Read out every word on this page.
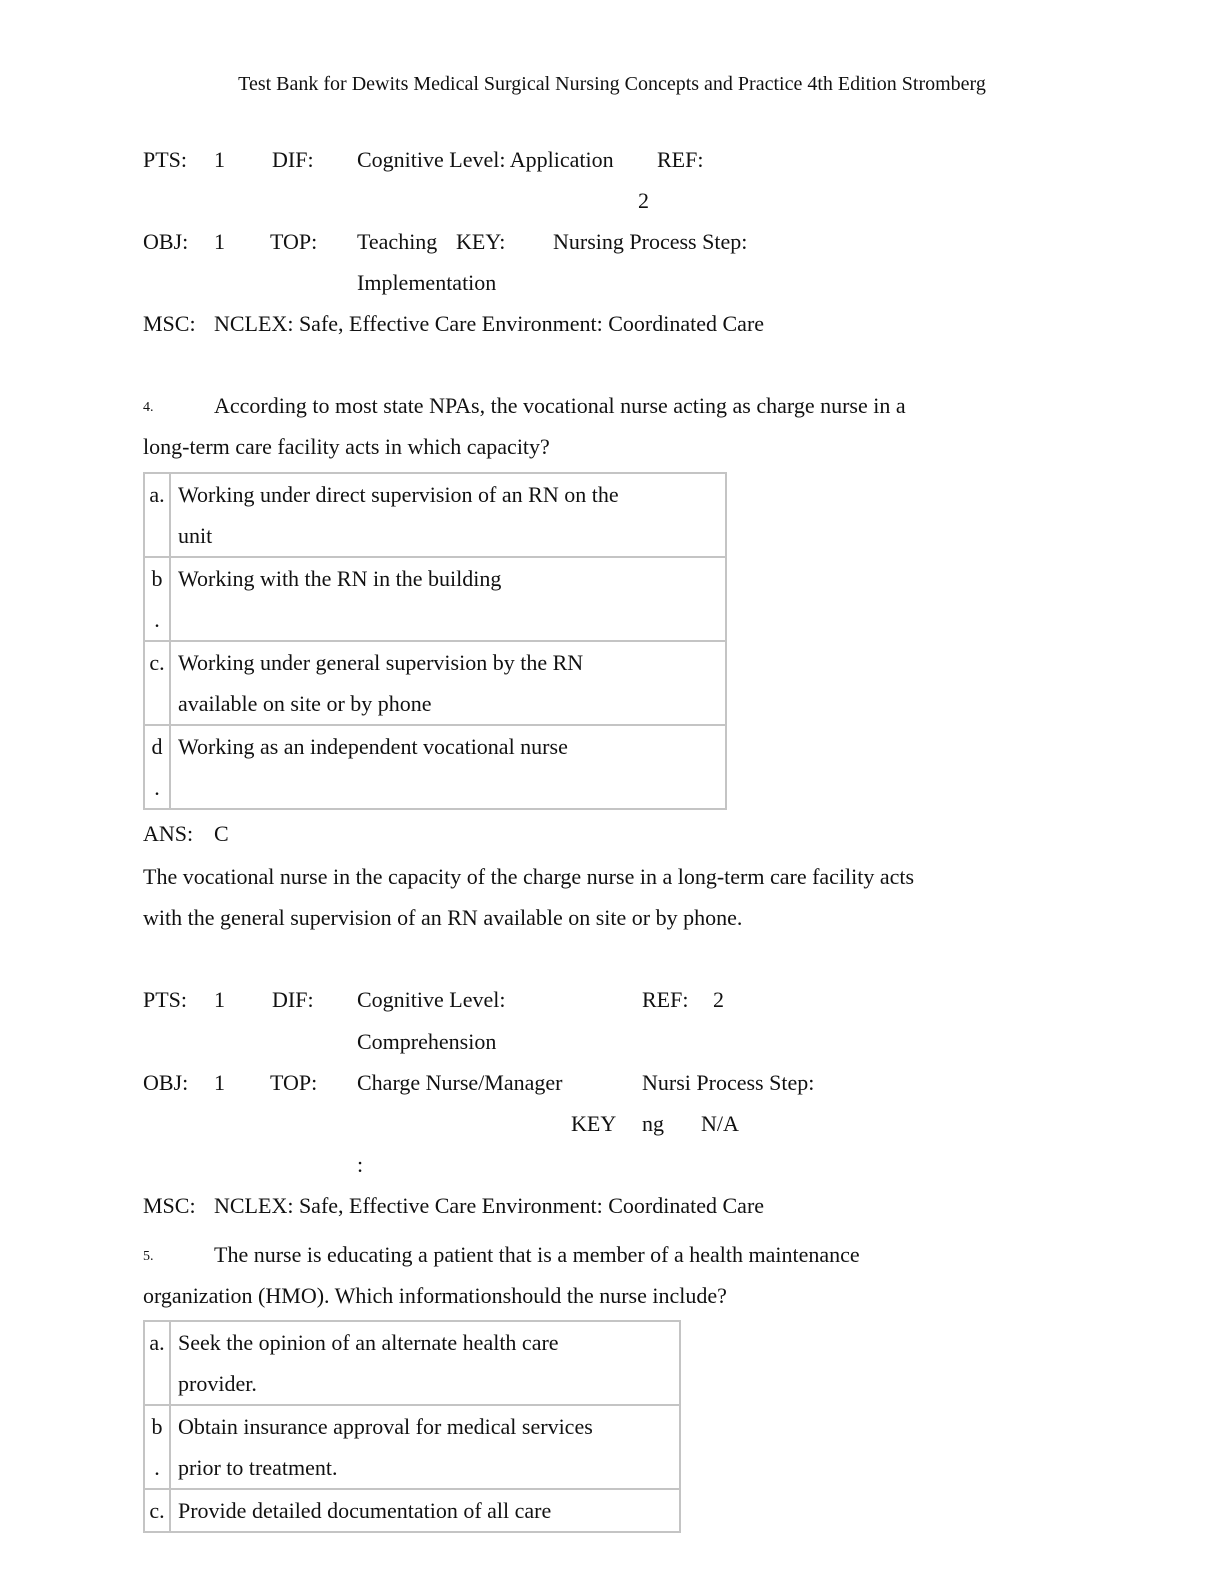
Test Bank for Dewits Medical Surgical Nursing Concepts and Practice 4th Edition Stromberg
PTS: 1 DIF: Cognitive Level: Application REF:
2
OBJ: 1 TOP: Teaching KEY: Nursing Process Step:
Implementation
MSC: NCLEX: Safe, Effective Care Environment: Coordinated Care
4.	According to most state NPAs, the vocational nurse acting as charge nurse in a
long-term care facility acts in which capacity?
a.	Working under direct supervision of an RN on the
unit
b
.	Working with the RN in the building
c.	Working under general supervision by the RN
available on site or by phone
d
.	Working as an independent vocational nurse
ANS: C
The vocational nurse in the capacity of the charge nurse in a long-term care facility acts
with the general supervision of an RN available on site or by phone.
PTS: 1 DIF: Cognitive Level:
Comprehension
REF: 2
OBJ: 1 TOP: Charge Nurse/Manager	Nursi Process Step:
KEY ng N/A
:
MSC: NCLEX: Safe, Effective Care Environment: Coordinated Care
5.	The nurse is educating a patient that is a member of a health maintenance
organization (HMO). Which informationshould the nurse include?
a.	Seek the opinion of an alternate health care
provider.
b
.	Obtain insurance approval for medical services
prior to treatment.
c.	Provide detailed documentation of all care
